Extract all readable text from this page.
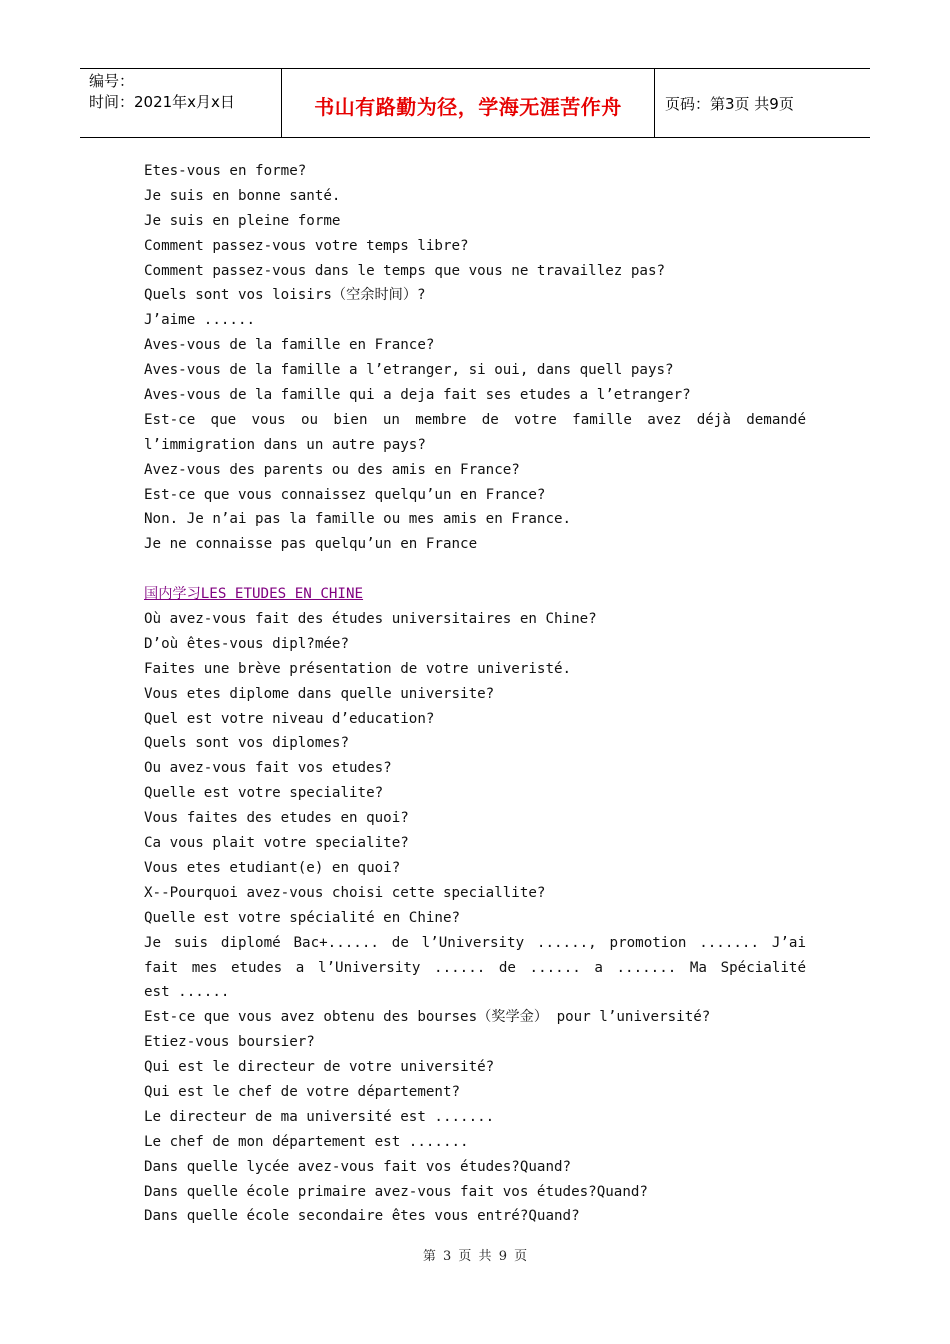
编号：
时间：2021年x月x日	书山有路勤为径，学海无涯苦作舟	页码：第3页 共9页
Etes-vous en forme?
Je suis en bonne santé.
Je suis en pleine forme
Comment passez-vous votre temps libre?
Comment passez-vous dans le temps que vous ne travaillez pas?
Quels sont vos loisirs（空余时间）?
J’aime ......
Aves-vous de la famille en France?
Aves-vous de la famille a l’etranger, si oui, dans quell pays?
Aves-vous de la famille qui a deja fait ses etudes a l’etranger?
Est-ce que vous ou bien un membre de votre famille avez déjà demandé
l’immigration dans un autre pays?
Avez-vous des parents ou des amis en France?
Est-ce que vous connaissez quelqu’un en France?
Non. Je n’ai pas la famille ou mes amis en France.
Je ne connaisse pas quelqu’un en France
国内学习LES ETUDES EN CHINE
Où avez-vous fait des études universitaires en Chine?
D’où êtes-vous dipl?mée?
Faites une brève présentation de votre univeristé.
Vous etes diplome dans quelle universite?
Quel est votre niveau d’education?
Quels sont vos diplomes?
Ou avez-vous fait vos etudes?
Quelle est votre specialite?
Vous faites des etudes en quoi?
Ca vous plait votre specialite?
Vous etes etudiant(e) en quoi?
X--Pourquoi avez-vous choisi cette speciallite?
Quelle est votre spécialité en Chine?
Je suis diplomé Bac+...... de l’University ......, promotion ....... J’ai
fait mes etudes a l’University ...... de ...... a ....... Ma Spécialité
est ......
Est-ce que vous avez obtenu des bourses（奖学金） pour l’université?
Etiez-vous boursier?
Qui est le directeur de votre université?
Qui est le chef de votre département?
Le directeur de ma université est .......
Le chef de mon département est .......
Dans quelle lycée avez-vous fait vos études?Quand?
Dans quelle école primaire avez-vous fait vos études?Quand?
Dans quelle école secondaire êtes vous entré?Quand?
第 3 页 共 9 页
